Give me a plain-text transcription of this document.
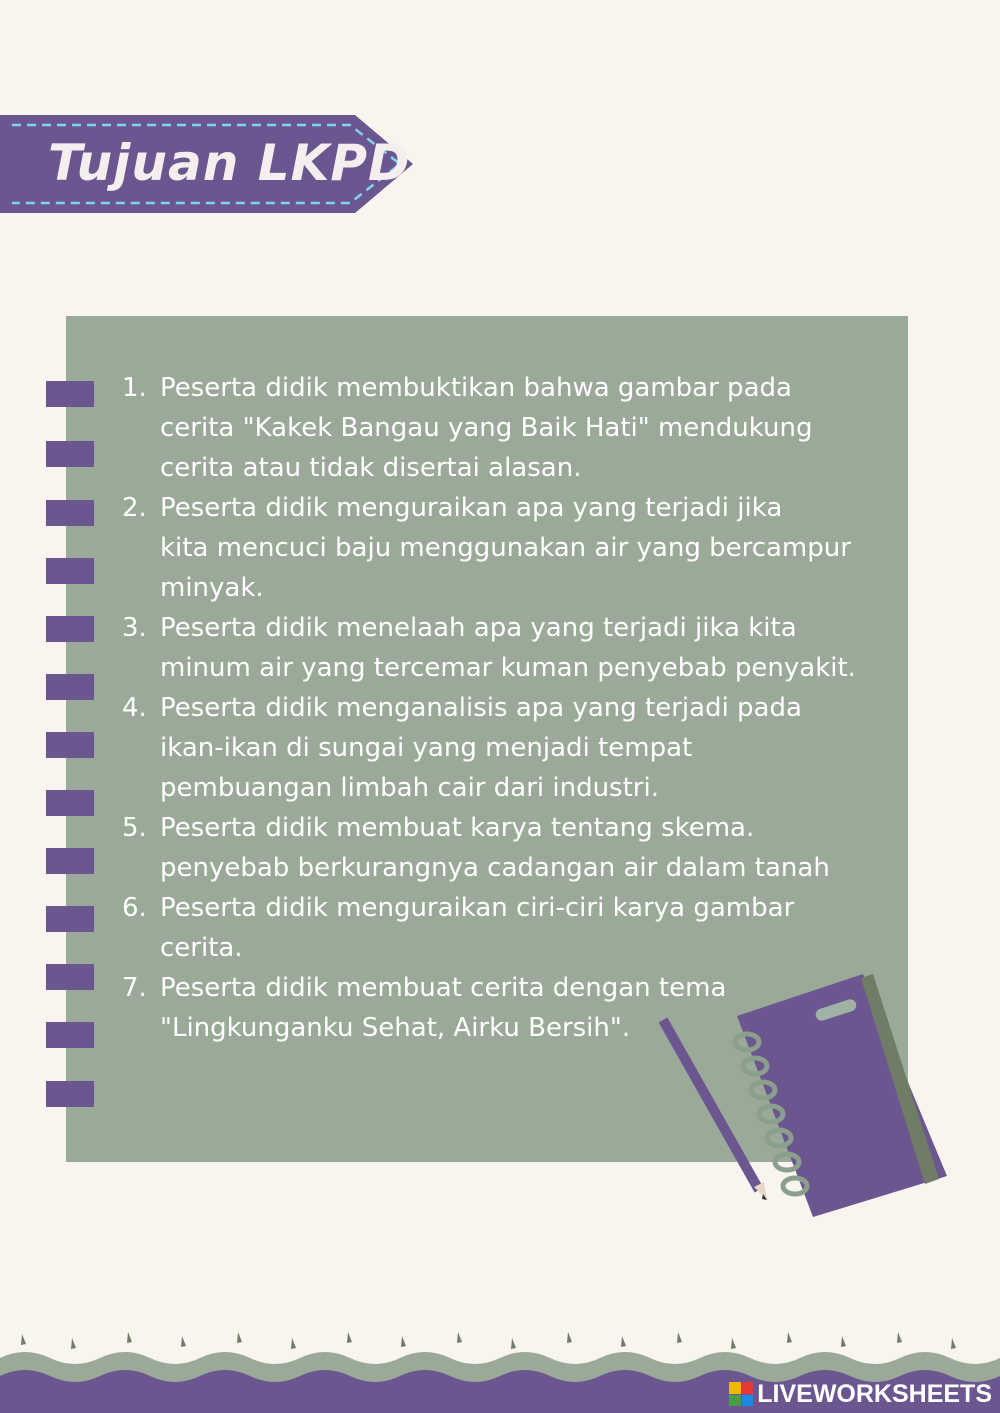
Tujuan LKPD
1. Peserta didik membuktikan bahwa gambar pada
cerita "Kakek Bangau yang Baik Hati" mendukung
cerita atau tidak disertai alasan.
2. Peserta didik menguraikan apa yang terjadi jika
kita mencuci baju menggunakan air yang bercampur
minyak.
3. Peserta didik menelaah apa yang terjadi jika kita
minum air yang tercemar kuman penyebab penyakit.
4. Peserta didik menganalisis apa yang terjadi pada
ikan-ikan di sungai yang menjadi tempat
pembuangan limbah cair dari industri.
5. Peserta didik membuat karya tentang skema.
penyebab berkurangnya cadangan air dalam tanah
6. Peserta didik menguraikan ciri-ciri karya gambar
cerita.
7. Peserta didik membuat cerita dengan tema
"Lingkunganku Sehat, Airku Bersih".
LIVEWORKSHEETS
